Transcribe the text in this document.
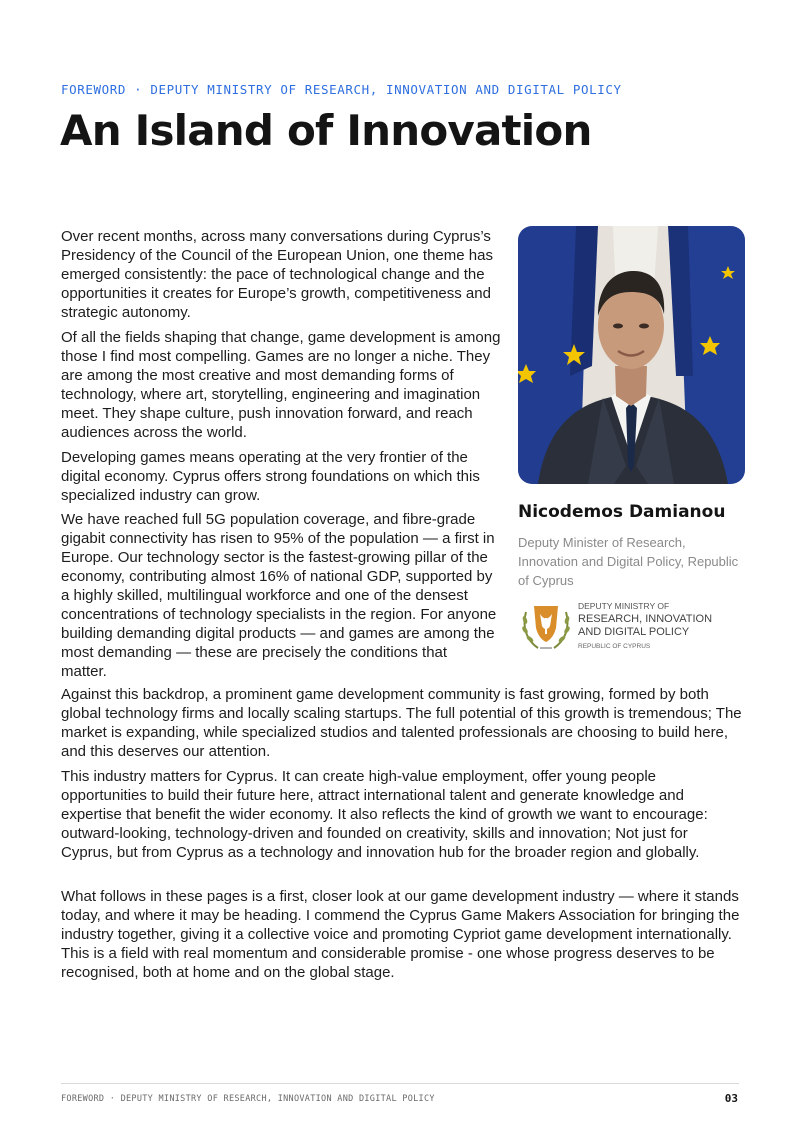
FOREWORD · DEPUTY MINISTRY OF RESEARCH, INNOVATION AND DIGITAL POLICY
An Island of Innovation

Over recent months, across many conversations during Cyprus’s Presidency of the Council of the European Union, one theme has emerged consistently: the pace of technological change and the opportunities it creates for Europe’s growth, competitiveness and strategic autonomy.

Of all the fields shaping that change, game development is among those I find most compelling. Games are no longer a niche. They are among the most creative and most demanding forms of technology, where art, storytelling, engineering and imagination meet. They shape culture, push innovation forward, and reach audiences across the world.

Developing games means operating at the very frontier of the digital economy. Cyprus offers strong foundations on which this specialized industry can grow.

We have reached full 5G population coverage, and fibre-grade gigabit connectivity has risen to 95% of the population — a first in Europe. Our technology sector is the fastest-growing pillar of the economy, contributing almost 16% of national GDP, supported by a highly skilled, multilingual workforce and one of the densest concentrations of technology specialists in the region. For anyone building demanding digital products — and games are among the most demanding — these are precisely the conditions that matter.

Against this backdrop, a prominent game development community is fast growing, formed by both global technology firms and locally scaling startups. The full potential of this growth is tremendous; The market is expanding, while specialized studios and talented professionals are choosing to build here, and this deserves our attention.

This industry matters for Cyprus. It can create high-value employment, offer young people opportunities to build their future here, attract international talent and generate knowledge and expertise that benefit the wider economy. It also reflects the kind of growth we want to encourage: outward-looking, technology-driven and founded on creativity, skills and innovation; Not just for Cyprus, but from Cyprus as a technology and innovation hub for the broader region and globally.

What follows in these pages is a first, closer look at our game development industry — where it stands today, and where it may be heading. I commend the Cyprus Game Makers Association for bringing the industry together, giving it a collective voice and promoting Cypriot game development internationally. This is a field with real momentum and considerable promise - one whose progress deserves to be recognised, both at home and on the global stage.

Nicodemos Damianou
Deputy Minister of Research, Innovation and Digital Policy, Republic of Cyprus
DEPUTY MINISTRY OF
RESEARCH, INNOVATION
AND DIGITAL POLICY
REPUBLIC OF CYPRUS
FOREWORD · DEPUTY MINISTRY OF RESEARCH, INNOVATION AND DIGITAL POLICY	03
